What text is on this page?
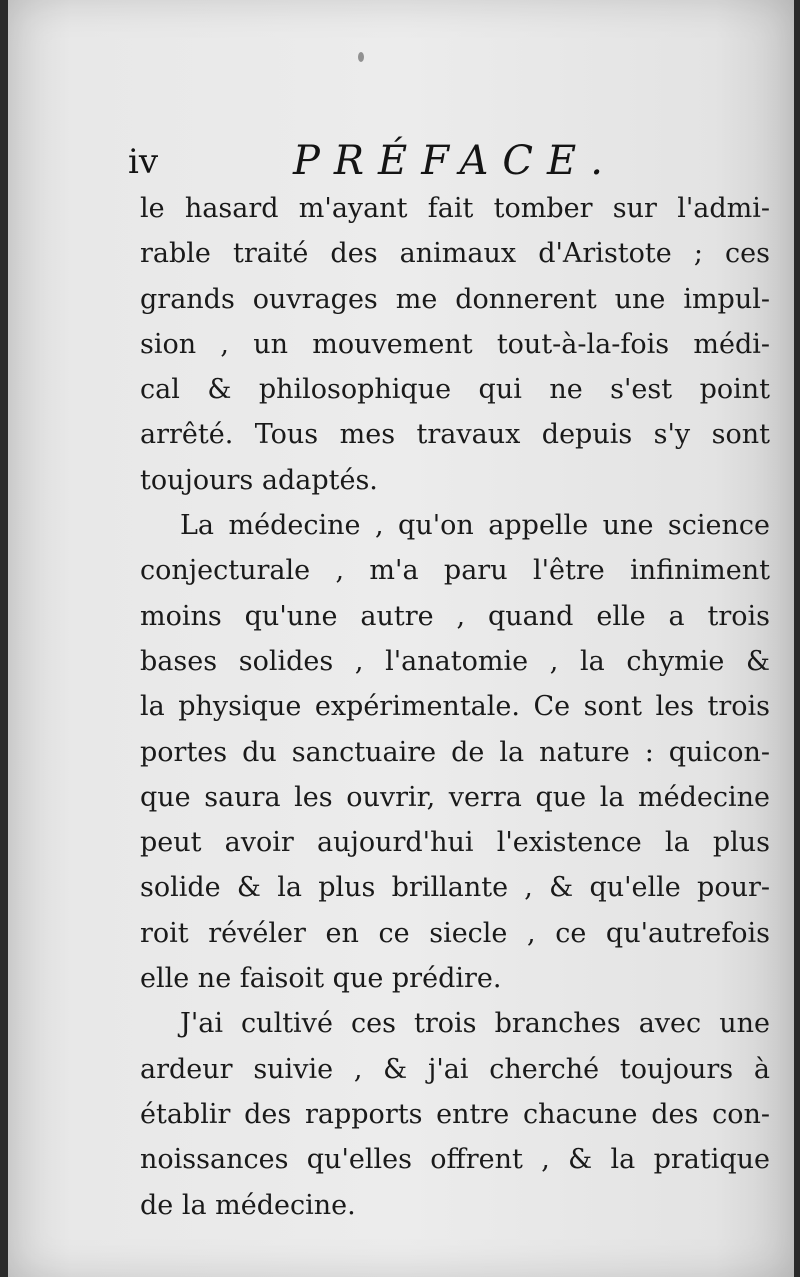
iv	PRÉFACE.
le hasard m'ayant fait tomber sur l'admi-
rable traité des animaux d'Aristote ; ces
grands ouvrages me donnerent une impul-
sion , un mouvement tout-à-la-fois médi-
cal & philosophique qui ne s'est point
arrêté. Tous mes travaux depuis s'y sont
toujours adaptés.
La médecine , qu'on appelle une science
conjecturale , m'a paru l'être infiniment
moins qu'une autre , quand elle a trois
bases solides , l'anatomie , la chymie &
la physique expérimentale. Ce sont les trois
portes du sanctuaire de la nature : quicon-
que saura les ouvrir, verra que la médecine
peut avoir aujourd'hui l'existence la plus
solide & la plus brillante , & qu'elle pour-
roit révéler en ce siecle , ce qu'autrefois
elle ne faisoit que prédire.
J'ai cultivé ces trois branches avec une
ardeur suivie , & j'ai cherché toujours à
établir des rapports entre chacune des con-
noissances qu'elles offrent , & la pratique
de la médecine.
